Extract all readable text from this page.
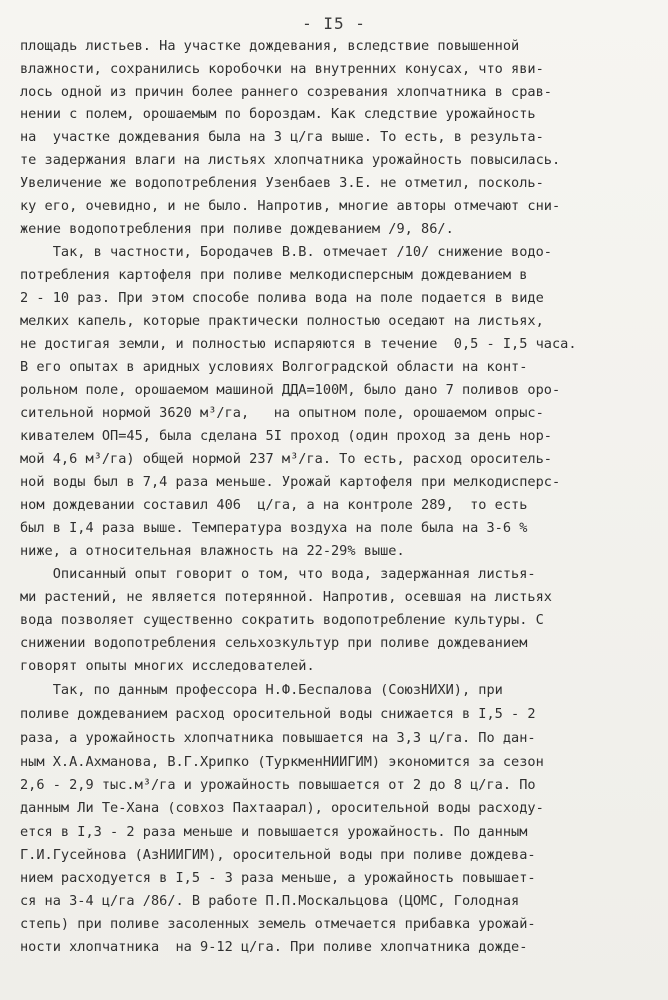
- I5 -
площадь листьев. На участке дождевания, вследствие повышенной
влажности, сохранились коробочки на внутренних конусах, что яви-
лось одной из причин более раннего созревания хлопчатника в срав-
нении с полем, орошаемым по бороздам. Как следствие урожайность
на  участке дождевания была на 3 ц/га выше. То есть, в результа-
те задержания влаги на листьях хлопчатника урожайность повысилась.
Увеличение же водопотребления Узенбаев З.Е. не отметил, посколь-
ку его, очевидно, и не было. Напротив, многие авторы отмечают сни-
жение водопотребления при поливе дождеванием /9, 86/.
Так, в частности, Бородачев В.В. отмечает /10/ снижение водо-
потребления картофеля при поливе мелкодисперсным дождеванием в
2 - 10 раз. При этом способе полива вода на поле подается в виде
мелких капель, которые практически полностью оседают на листьях,
не достигая земли, и полностью испаряются в течение  0,5 - I,5 часа.
В его опытах в аридных условиях Волгоградской области на конт-
рольном поле, орошаемом машиной ДДА=100М, было дано 7 поливов оро-
сительной нормой 3620 м³/га,   на опытном поле, орошаемом опрыс-
кивателем ОП=45, была сделана 5I проход (один проход за день нор-
мой 4,6 м³/га) общей нормой 237 м³/га. То есть, расход ороситель-
ной воды был в 7,4 раза меньше. Урожай картофеля при мелкодисперс-
ном дождевании составил 406  ц/га, а на контроле 289,  то есть
был в I,4 раза выше. Температура воздуха на поле была на 3-6 %
ниже, а относительная влажность на 22-29% выше.
Описанный опыт говорит о том, что вода, задержанная листья-
ми растений, не является потерянной. Напротив, осевшая на листьях
вода позволяет существенно сократить водопотребление культуры. С
снижении водопотребления сельхозкультур при поливе дождеванием
говорят опыты многих исследователей.
Так, по данным профессора Н.Ф.Беспалова (СоюзНИХИ), при
поливе дождеванием расход оросительной воды снижается в I,5 - 2
раза, а урожайность хлопчатника повышается на 3,3 ц/га. По дан-
ным Х.А.Ахманова, В.Г.Хрипко (ТуркменНИИГИМ) экономится за сезон
2,6 - 2,9 тыс.м³/га и урожайность повышается от 2 до 8 ц/га. По
данным Ли Те-Хана (совхоз Пахтаарал), оросительной воды расходу-
ется в I,3 - 2 раза меньше и повышается урожайность. По данным
Г.И.Гусейнова (АзНИИГИМ), оросительной воды при поливе дождева-
нием расходуется в I,5 - 3 раза меньше, а урожайность повышает-
ся на 3-4 ц/га /86/. В работе П.П.Москальцова (ЦОМС, Голодная
степь) при поливе засоленных земель отмечается прибавка урожай-
ности хлопчатника  на 9-12 ц/га. При поливе хлопчатника дожде-
